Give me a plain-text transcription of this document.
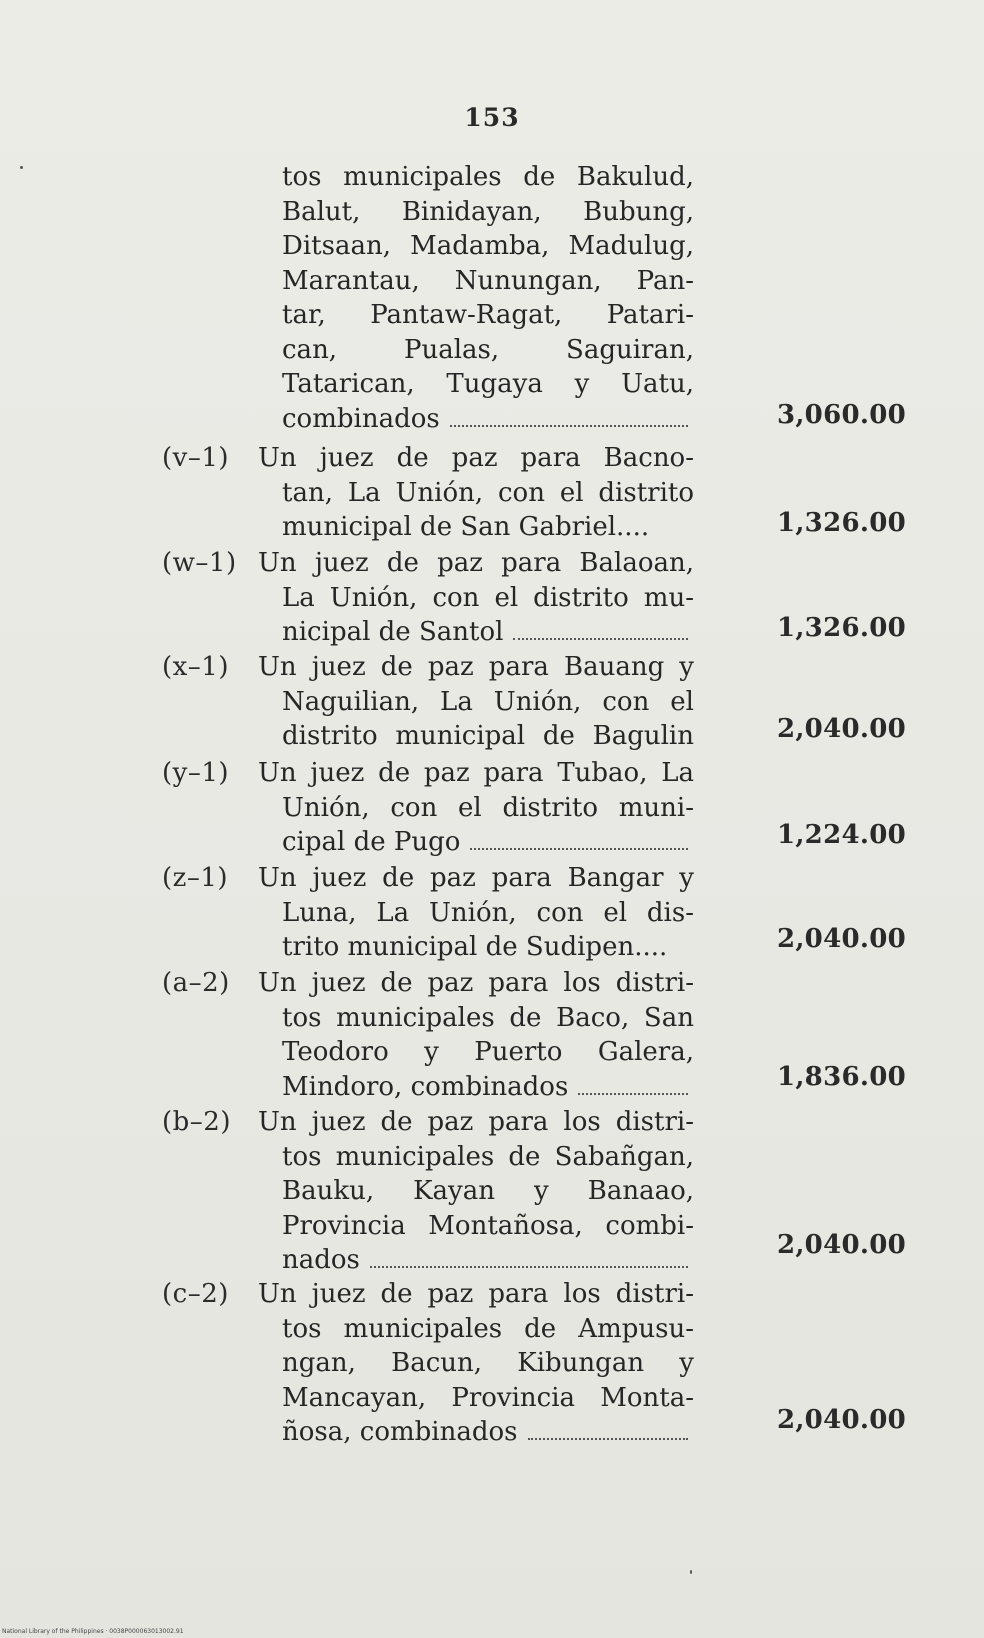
153
tos municipales de Bakulud,
Balut, Binidayan, Bubung,
Ditsaan, Madamba, Madulug,
Marantau, Nunungan, Pan-
tar, Pantaw-Ragat, Patari-
can, Pualas, Saguiran,
Tatarican, Tugaya y Uatu,
combinados	3,060.00
(v–1)	Un juez de paz para Bacno-
tan, La Unión, con el distrito
municipal de San Gabriel....	1,326.00
(w–1) Un juez de paz para Balaoan,
La Unión, con el distrito mu-
nicipal de Santol	1,326.00
(x–1)	Un juez de paz para Bauang y
Naguilian, La Unión, con el
distrito municipal de Bagulin	2,040.00
(y–1)	Un juez de paz para Tubao, La
Unión, con el distrito muni-
cipal de Pugo	1,224.00
(z–1)	Un juez de paz para Bangar y
Luna, La Unión, con el dis-
trito municipal de Sudipen....	2,040.00
(a–2)	Un juez de paz para los distri-
tos municipales de Baco, San
Teodoro y Puerto Galera,
Mindoro, combinados	1,836.00
(b–2)	Un juez de paz para los distri-
tos municipales de Sabañgan,
Bauku, Kayan y Banaao,
Provincia Montañosa, combi-
nados	2,040.00
(c–2)	Un juez de paz para los distri-
tos municipales de Ampusu-
ngan, Bacun, Kibungan y
Mancayan, Provincia Monta-
ñosa, combinados	2,040.00
National Library of the Philippines · 0038P000063013002.91
